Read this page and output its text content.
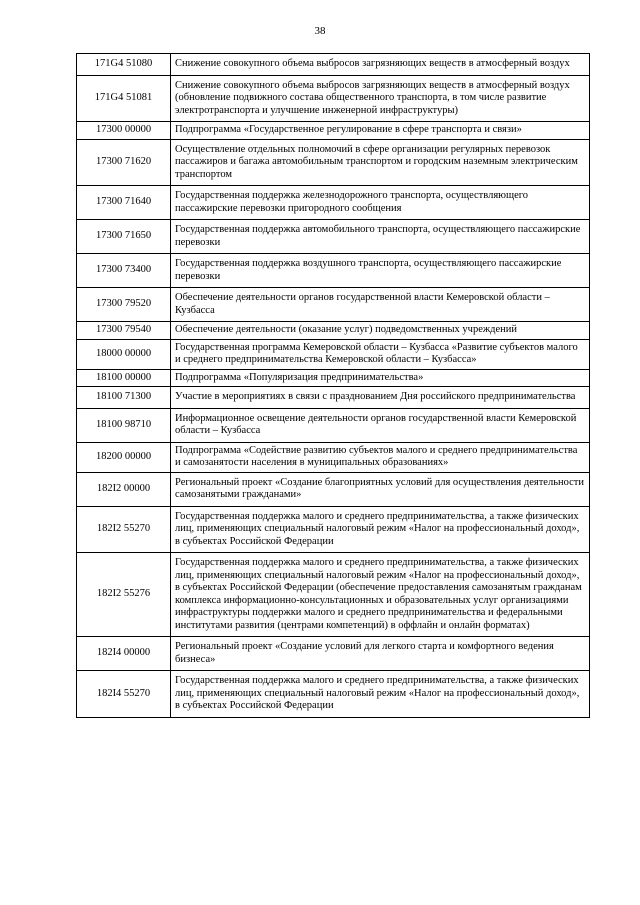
38
171G4 51080	Снижение совокупного объема выбросов загрязняющих веществ в атмосферный воздух
171G4 51081	Снижение совокупного объема выбросов загрязняющих веществ в атмосферный воздух (обновление подвижного состава общественного транспорта, в том числе развитие электротранспорта и улучшение инженерной инфраструктуры)
17300 00000	Подпрограмма «Государственное регулирование в сфере транспорта и связи»
17300 71620	Осуществление отдельных полномочий в сфере организации регулярных перевозок пассажиров и багажа автомобильным транспортом и городским наземным электрическим транспортом
17300 71640	Государственная поддержка железнодорожного транспорта, осуществляющего пассажирские перевозки пригородного сообщения
17300 71650	Государственная поддержка автомобильного транспорта, осуществляющего пассажирские перевозки
17300 73400	Государственная поддержка воздушного транспорта, осуществляющего пассажирские перевозки
17300 79520	Обеспечение деятельности органов государственной власти Кемеровской области – Кузбасса
17300 79540	Обеспечение деятельности (оказание услуг) подведомственных учреждений
18000 00000	Государственная программа Кемеровской области – Кузбасса «Развитие субъектов малого и среднего предпринимательства Кемеровской области – Кузбасса»
18100 00000	Подпрограмма «Популяризация предпринимательства»
18100 71300	Участие в мероприятиях в связи с празднованием Дня российского предпринимательства
18100 98710	Информационное освещение деятельности органов государственной власти Кемеровской области – Кузбасса
18200 00000	Подпрограмма «Содействие развитию субъектов малого и среднего предпринимательства и самозанятости населения в муниципальных образованиях»
182I2 00000	Региональный проект «Создание благоприятных условий для осуществления деятельности самозанятыми гражданами»
182I2 55270	Государственная поддержка малого и среднего предпринимательства, а также физических лиц, применяющих специальный налоговый режим «Налог на профессиональный доход», в субъектах Российской Федерации
182I2 55276	Государственная поддержка малого и среднего предпринимательства, а также физических лиц, применяющих специальный налоговый режим «Налог на профессиональный доход», в субъектах Российской Федерации (обеспечение предоставления самозанятым гражданам комплекса информационно-консультационных и образовательных услуг организациями инфраструктуры поддержки малого и среднего предпринимательства и федеральными институтами развития (центрами компетенций) в оффлайн и онлайн форматах)
182I4 00000	Региональный проект «Создание условий для легкого старта и комфортного ведения бизнеса»
182I4 55270	Государственная поддержка малого и среднего предпринимательства, а также физических лиц, применяющих специальный налоговый режим «Налог на профессиональный доход», в субъектах Российской Федерации
